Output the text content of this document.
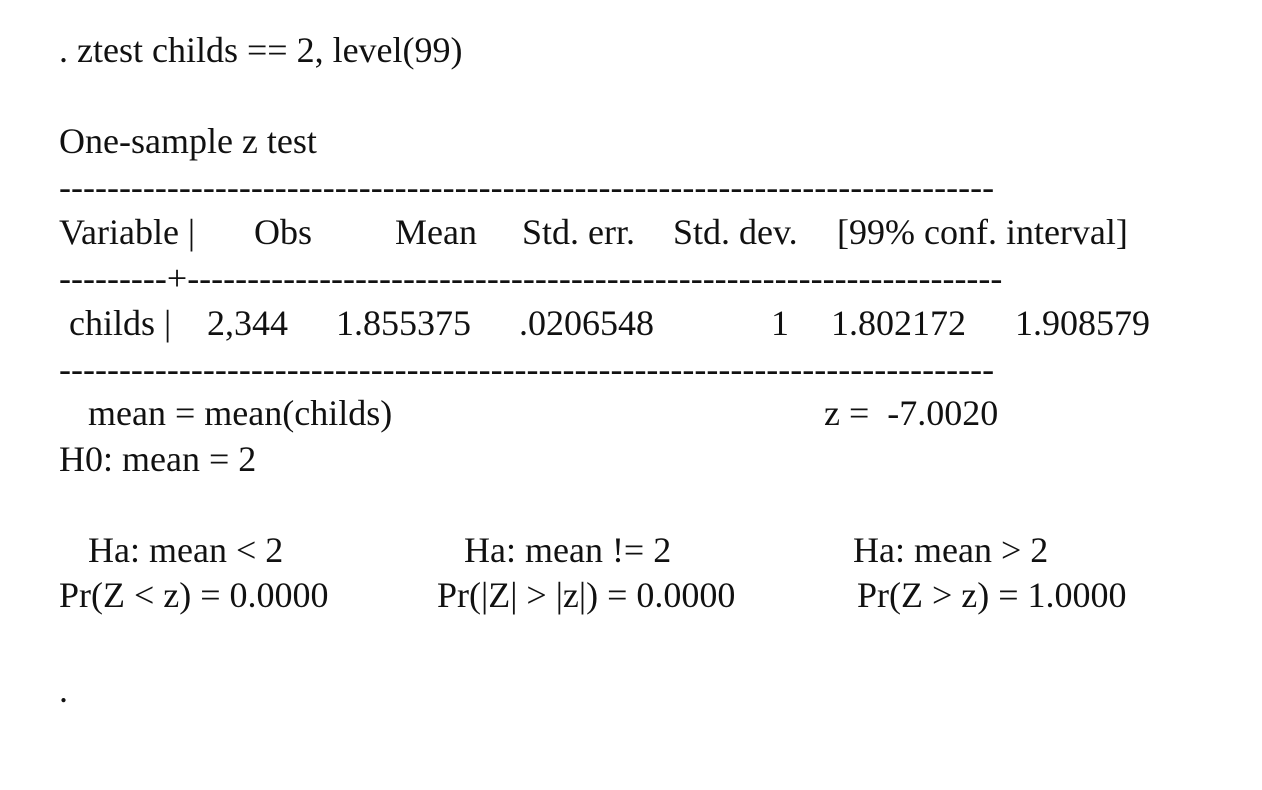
. ztest childs == 2, level(99)
One-sample z test
------------------------------------------------------------------------------
Variable | Obs Mean Std. err. Std. dev. [99% conf. interval]
---------+--------------------------------------------------------------------
childs | 2,344 1.855375 .0206548	1 1.802172 1.908579
------------------------------------------------------------------------------
mean = mean(childs)	z =  -7.0020
H0: mean = 2
Ha: mean < 2	Ha: mean != 2	Ha: mean > 2
Pr(Z < z) = 0.0000	Pr(|Z| > |z|) = 0.0000	Pr(Z > z) = 1.0000
.
